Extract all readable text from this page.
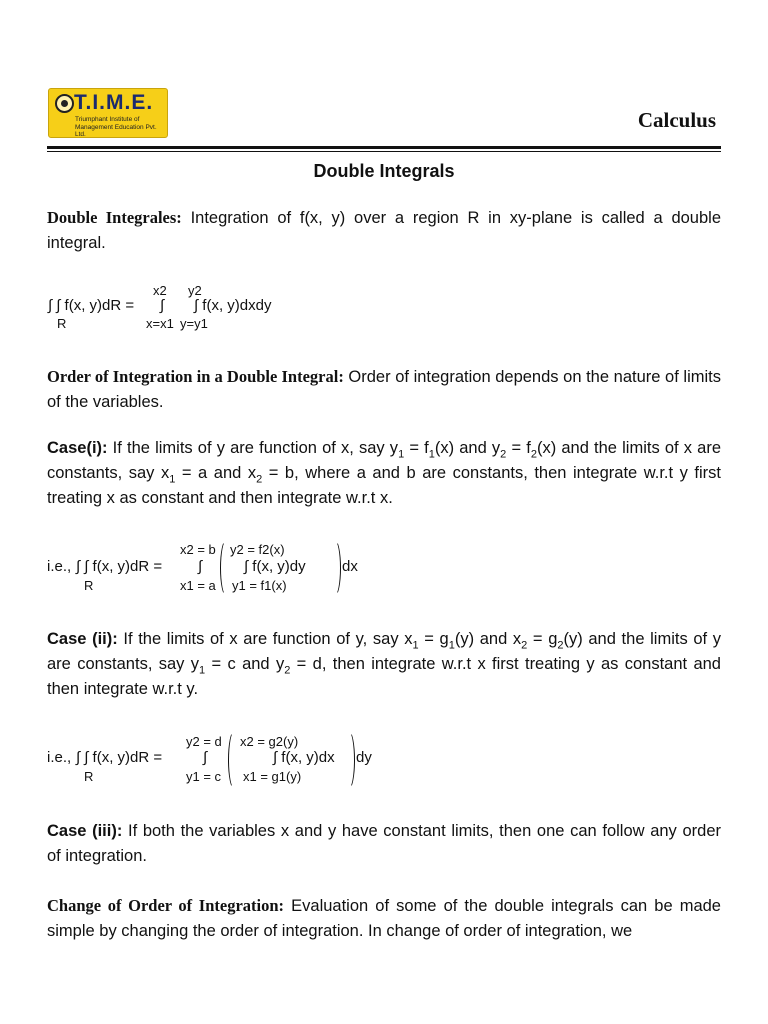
T.I.M.E.
Triumphant Institute of Management Education Pvt. Ltd.
Calculus
Double Integrals
Double Integrales: Integration of f(x, y) over a region R in xy-plane is called a double integral.
∫ ∫ f(x, y)dR =
R
x2
∫
x=x1
y2
∫ f(x, y)dxdy
y=y1
Order of Integration in a Double Integral: Order of integration depends on the nature of limits of the variables.
Case(i): If the limits of y are function of x, say $y_1 = f_1(x)$ and $y_2 = f_2(x)$ and the limits of x are constants, say $x_1 = a$ and $x_2 = b$, where a and b are constants, then integrate w.r.t y first treating x as constant and then integrate w.r.t x.
i.e., ∫ ∫ f(x, y)dR =
R
x2 = b
∫
x1 = a
y2 = f2(x)
∫ f(x, y)dy
y1 = f1(x)
dx
Case (ii): If the limits of x are function of y, say $x_1 = g_1(y)$ and $x_2 = g_2(y)$ and the limits of y are constants, say $y_1 = c$ and $y_2 = d$, then integrate w.r.t x first treating y as constant and then integrate w.r.t y.
i.e., ∫ ∫ f(x, y)dR =
R
y2 = d
∫
y1 = c
x2 = g2(y)
∫ f(x, y)dx
x1 = g1(y)
dy
Case (iii): If both the variables x and y have constant limits, then one can follow any order of integration.
Change of Order of Integration: Evaluation of some of the double integrals can be made simple by changing the order of integration. In change of order of integration, we
